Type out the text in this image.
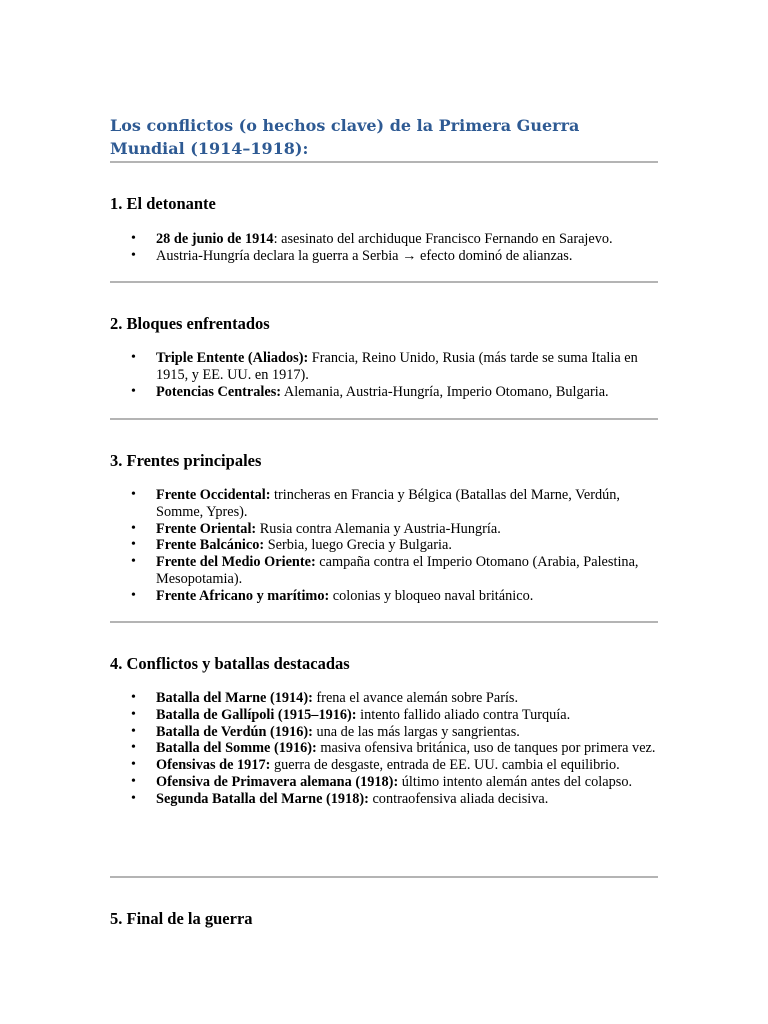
Los conflictos (o hechos clave) de la Primera Guerra Mundial (1914–1918):
1. El detonante
• 28 de junio de 1914: asesinato del archiduque Francisco Fernando en Sarajevo.
• Austria-Hungría declara la guerra a Serbia → efecto dominó de alianzas.
2. Bloques enfrentados
• Triple Entente (Aliados): Francia, Reino Unido, Rusia (más tarde se suma Italia en 1915, y EE. UU. en 1917).
• Potencias Centrales: Alemania, Austria-Hungría, Imperio Otomano, Bulgaria.
3. Frentes principales
• Frente Occidental: trincheras en Francia y Bélgica (Batallas del Marne, Verdún, Somme, Ypres).
• Frente Oriental: Rusia contra Alemania y Austria-Hungría.
• Frente Balcánico: Serbia, luego Grecia y Bulgaria.
• Frente del Medio Oriente: campaña contra el Imperio Otomano (Arabia, Palestina, Mesopotamia).
• Frente Africano y marítimo: colonias y bloqueo naval británico.
4. Conflictos y batallas destacadas
• Batalla del Marne (1914): frena el avance alemán sobre París.
• Batalla de Gallípoli (1915–1916): intento fallido aliado contra Turquía.
• Batalla de Verdún (1916): una de las más largas y sangrientas.
• Batalla del Somme (1916): masiva ofensiva británica, uso de tanques por primera vez.
• Ofensivas de 1917: guerra de desgaste, entrada de EE. UU. cambia el equilibrio.
• Ofensiva de Primavera alemana (1918): último intento alemán antes del colapso.
• Segunda Batalla del Marne (1918): contraofensiva aliada decisiva.
5. Final de la guerra
